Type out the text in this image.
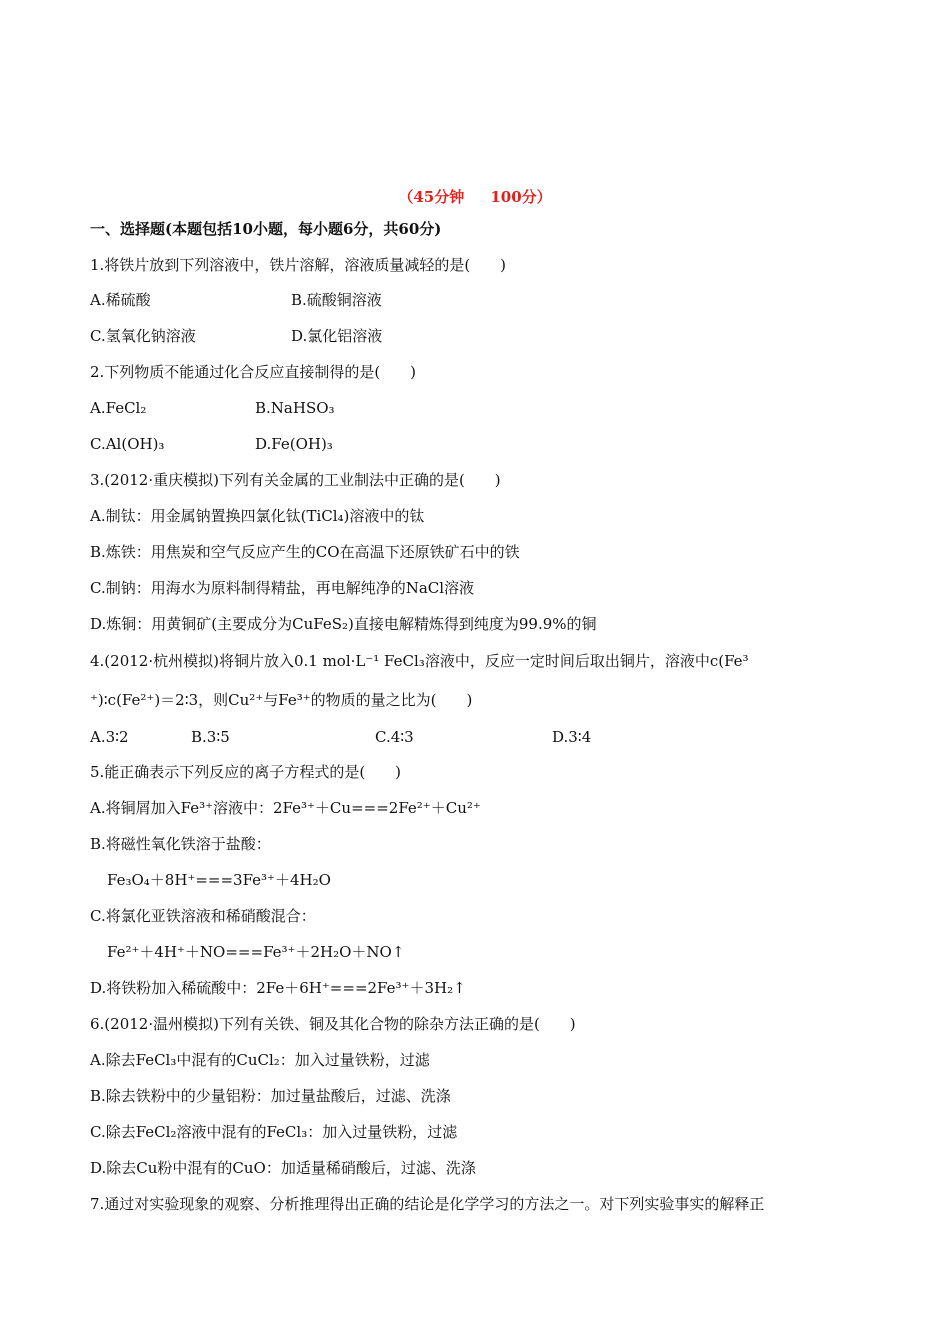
（45分钟     100分）
一、选择题(本题包括10小题，每小题6分，共60分)
1.将铁片放到下列溶液中，铁片溶解，溶液质量减轻的是(　　)
A.稀硫酸	B.硫酸铜溶液
C.氢氧化钠溶液	D.氯化铝溶液
2.下列物质不能通过化合反应直接制得的是(　　)
A.FeCl₂	B.NaHSO₃
C.Al(OH)₃	D.Fe(OH)₃
3.(2012·重庆模拟)下列有关金属的工业制法中正确的是(　　)
A.制钛：用金属钠置换四氯化钛(TiCl₄)溶液中的钛
B.炼铁：用焦炭和空气反应产生的CO在高温下还原铁矿石中的铁
C.制钠：用海水为原料制得精盐，再电解纯净的NaCl溶液
D.炼铜：用黄铜矿(主要成分为CuFeS₂)直接电解精炼得到纯度为99.9%的铜
4.(2012·杭州模拟)将铜片放入0.1 mol·L⁻¹ FeCl₃溶液中，反应一定时间后取出铜片，溶液中c(Fe³
⁺)∶c(Fe²⁺)＝2∶3，则Cu²⁺与Fe³⁺的物质的量之比为(　　)
A.3∶2	B.3∶5	C.4∶3	D.3∶4
5.能正确表示下列反应的离子方程式的是(　　)
A.将铜屑加入Fe³⁺溶液中：2Fe³⁺＋Cu===2Fe²⁺＋Cu²⁺
B.将磁性氧化铁溶于盐酸：
Fe₃O₄＋8H⁺===3Fe³⁺＋4H₂O
C.将氯化亚铁溶液和稀硝酸混合：
Fe²⁺＋4H⁺＋NO===Fe³⁺＋2H₂O＋NO↑
D.将铁粉加入稀硫酸中：2Fe＋6H⁺===2Fe³⁺＋3H₂↑
6.(2012·温州模拟)下列有关铁、铜及其化合物的除杂方法正确的是(　　)
A.除去FeCl₃中混有的CuCl₂：加入过量铁粉，过滤
B.除去铁粉中的少量铝粉：加过量盐酸后，过滤、洗涤
C.除去FeCl₂溶液中混有的FeCl₃：加入过量铁粉，过滤
D.除去Cu粉中混有的CuO：加适量稀硝酸后，过滤、洗涤
7.通过对实验现象的观察、分析推理得出正确的结论是化学学习的方法之一。对下列实验事实的解释正
